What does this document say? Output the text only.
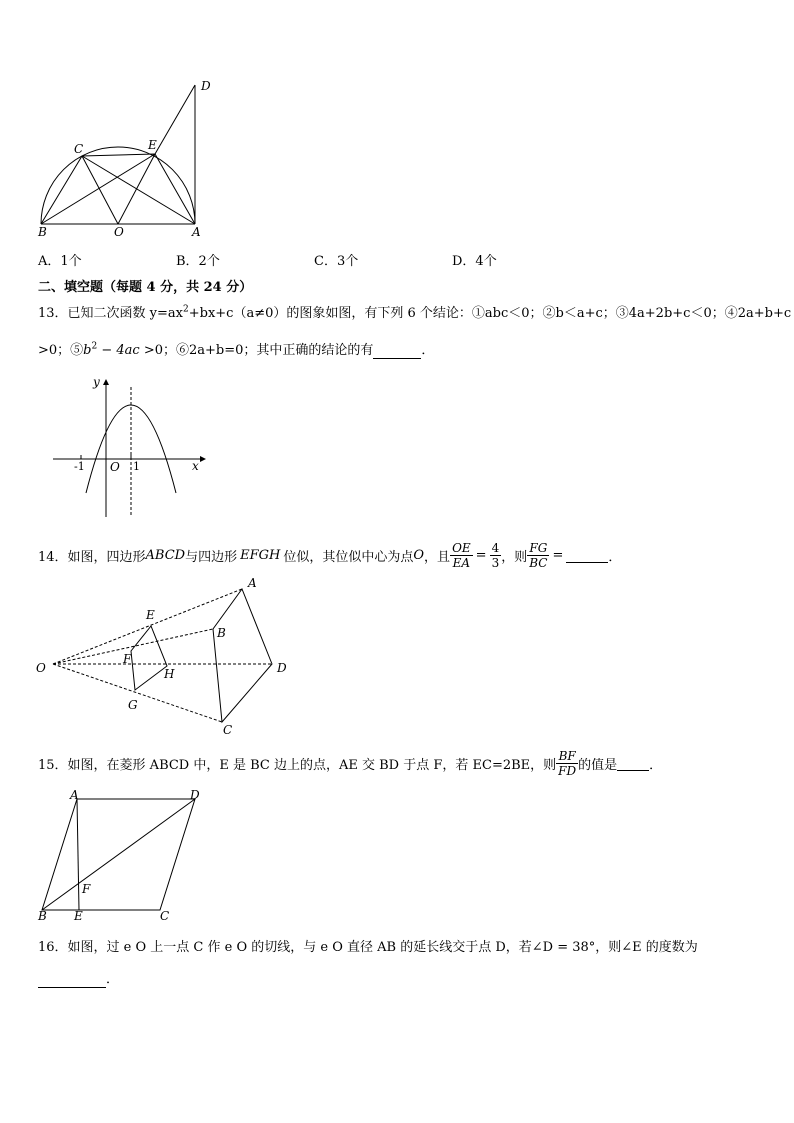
B	O	A
C	E
D
A．1个	B．2个	C．3个	D．4个
二、填空题（每题 4 分，共 24 分）
13．已知二次函数 $y=ax^2+bx+c(a\ne 0)$的图象如图，有下列 6 个结论：①abc＜0；②b＜a+c；③4a+2b+c＜0；④2a+b+c
>0；$⑤b^2 - 4ac >0$；⑥2a+b=0；其中正确的结论的有	．
y
x
O
-1	1
14．如图，四边形 ABCD 与四边形 EFGH 位似，其位似中心为点 O ，且 $\frac{OE}{EA} = \frac{4}{3}$ ，则 $\frac{FG}{BC}$ =
	．
O
E
F
G
H
A
B
C
D
15．如图，在菱形 ABCD 中，E 是 BC 边上的点，AE 交 BD 于点 F，若 EC=2BE，则 $\frac{BF}{FD}$ 的值是
．
A	D
F
B E	C
16．如图，过 e O 上一点 C 作 e O 的切线，与 e O 直径 AB 的延长线交于点 D，若∠D = 38°，则∠E 的度数为
．
